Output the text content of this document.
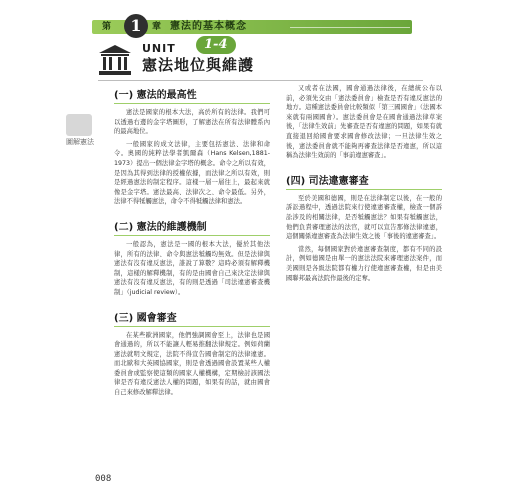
第	1	章 憲法的基本概念
UNIT	1-4
憲法地位與維護
圖解憲法
(一) 憲法的最高性

憲法是國家的根本大法，高於所有的法律。我們可以透過右邊的金字塔圖形，了解憲法在所有法律體系內的最高地位。

一般國家的成文法律，主要包括憲法、法律和命令。奧國的純粹法學者凱爾森（Hans Kelsen,1881-1973）提出一個法律金字塔的概念。命令之所以有效，是因為其得到法律的授權依據，而法律之所以有效，則是經過憲法的制定程序。這樣一層一層往上，最起來就像是金字塔。憲法最高、法律次之、命令最低。另外，法律不得牴觸憲法，命令不得牴觸法律和憲法。

(二) 憲法的維護機制

一般認為，憲法是一國的根本大法，優於其他法律，所有的法律、命令與憲法牴觸均無效。但是法律與憲法有沒有違反憲法，誰說了算數？這時必須有解釋機制，這樣的解釋機制，有的是由國會自己來決定法律與憲法有沒有違反憲法，有的則是透過「司法違憲審查機制」（judicial review）。

(三) 國會審查

在某些歐洲國家，他們強調國會至上，法律也是國會通過的，所以不能讓人輕易推翻法律規定。例如荷蘭憲法就明文規定，法院不得宣告國會制定的法律違憲。而北歐和大英國協國家，則是會透過國會設置某些人權委員會或監察使這類的國家人權機構，定期檢討該國法律是否有違反憲法人權的問題，如果有的話，就由國會自己來修改解釋法律。

又或者在法國，國會通過法律後，在總統公布以前，必須先交由「憲法委員會」檢查是否有違反憲法的地方。這種憲法委員會比較類似「第三國國會」（法國本來就有兩國國會）。憲法委員會是在國會通過法律草案後，「法律生效前」先審查是否有違憲的問題，如果有就直接退回給國會要求國會修改法律；一旦法律生效之後，憲法委員會就不能夠再審查法律是否違憲，所以這稱為法律生效前的「事前違憲審查」。

(四) 司法違憲審查

至於美國和德國，則是在法律制定以後，在一般的訴訟過程中，透過法院來行使違憲審查權，檢查一個訴訟涉及的相關法律，是否牴觸憲法？如果有牴觸憲法，他們負責審理憲法的法官，就可以宣告那條法律違憲，這個關係違憲審查為法律生效之後「事後的違憲審查」。

當然，每個國家對於違憲審查制度，都有不同的設計，例如德國是由單一的憲法法院來審理憲法案件，而美國則是各級法院都有權力行使違憲審查權，但是由美國聯邦最高法院作最後的定奪。

008
